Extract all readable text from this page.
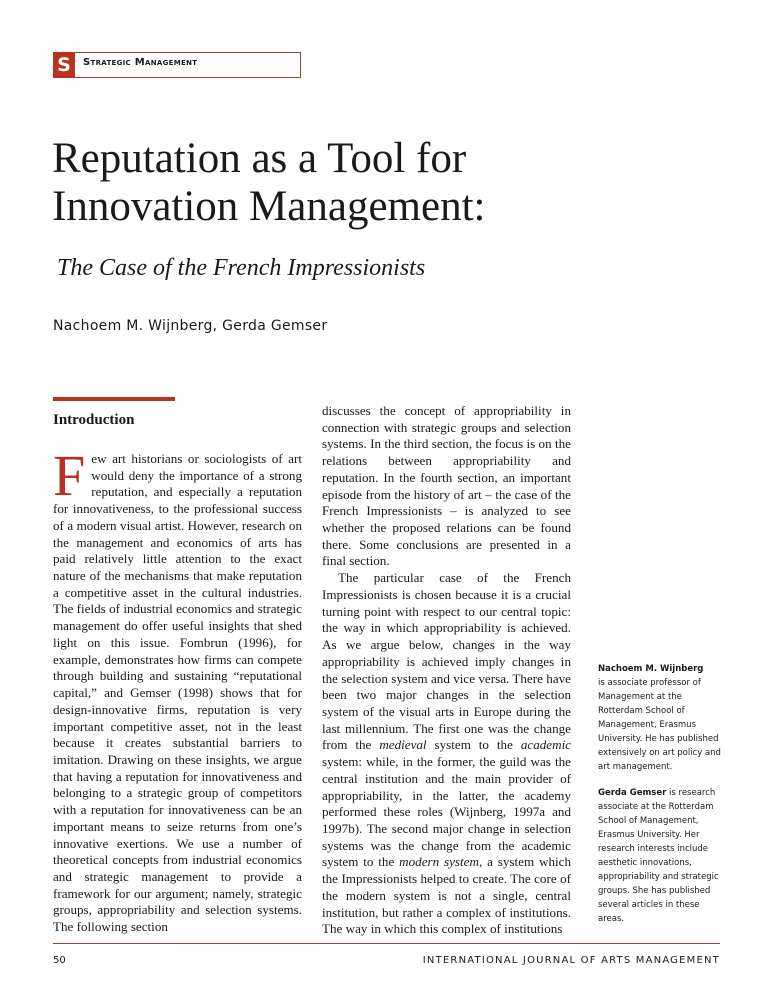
S	Strategic Management
Reputation as a Tool for Innovation Management:
The Case of the French Impressionists
Nachoem M. Wijnberg, Gerda Gemser
Introduction

Few art historians or sociologists of art would deny the importance of a strong reputation, and especially a reputation for innovativeness, to the professional success of a modern visual artist. However, research on the management and economics of arts has paid relatively little attention to the exact nature of the mechanisms that make reputation a competitive asset in the cultural industries. The fields of industrial economics and strategic management do offer useful insights that shed light on this issue. Fombrun (1996), for example, demonstrates how firms can compete through building and sustaining “reputational capital,” and Gemser (1998) shows that for design-innovative firms, reputation is very important competitive asset, not in the least because it creates substantial barriers to imitation. Drawing on these insights, we argue that having a reputation for innovativeness and belonging to a strategic group of competitors with a reputation for innovativeness can be an important means to seize returns from one’s innovative exertions. We use a number of theoretical concepts from industrial economics and strategic management to provide a framework for our argument; namely, strategic groups, appropriability and selection systems. The following section

discusses the concept of appropriability in connection with strategic groups and selection systems. In the third section, the focus is on the relations between appropriability and reputation. In the fourth section, an important episode from the history of art – the case of the French Impressionists – is analyzed to see whether the proposed relations can be found there. Some conclusions are presented in a final section.

The particular case of the French Impressionists is chosen because it is a crucial turning point with respect to our central topic: the way in which appropriability is achieved. As we argue below, changes in the way appropriability is achieved imply changes in the selection system and vice versa. There have been two major changes in the selection system of the visual arts in Europe during the last millennium. The first one was the change from the medieval system to the academic system: while, in the former, the guild was the central institution and the main provider of appropriability, in the latter, the academy performed these roles (Wijnberg, 1997a and 1997b). The second major change in selection systems was the change from the academic system to the modern system, a system which the Impressionists helped to create. The core of the modern system is not a single, central institution, but rather a complex of institutions. The way in which this complex of institutions

Nachoem M. Wijnberg
is associate professor of Management at the Rotterdam School of Management, Erasmus University. He has published extensively on art policy and art management.

Gerda Gemser is research associate at the Rotterdam School of Management, Erasmus University. Her research interests include aesthetic innovations, appropriability and strategic groups. She has published several articles in these areas.

50	INTERNATIONAL JOURNAL OF ARTS MANAGEMENT
